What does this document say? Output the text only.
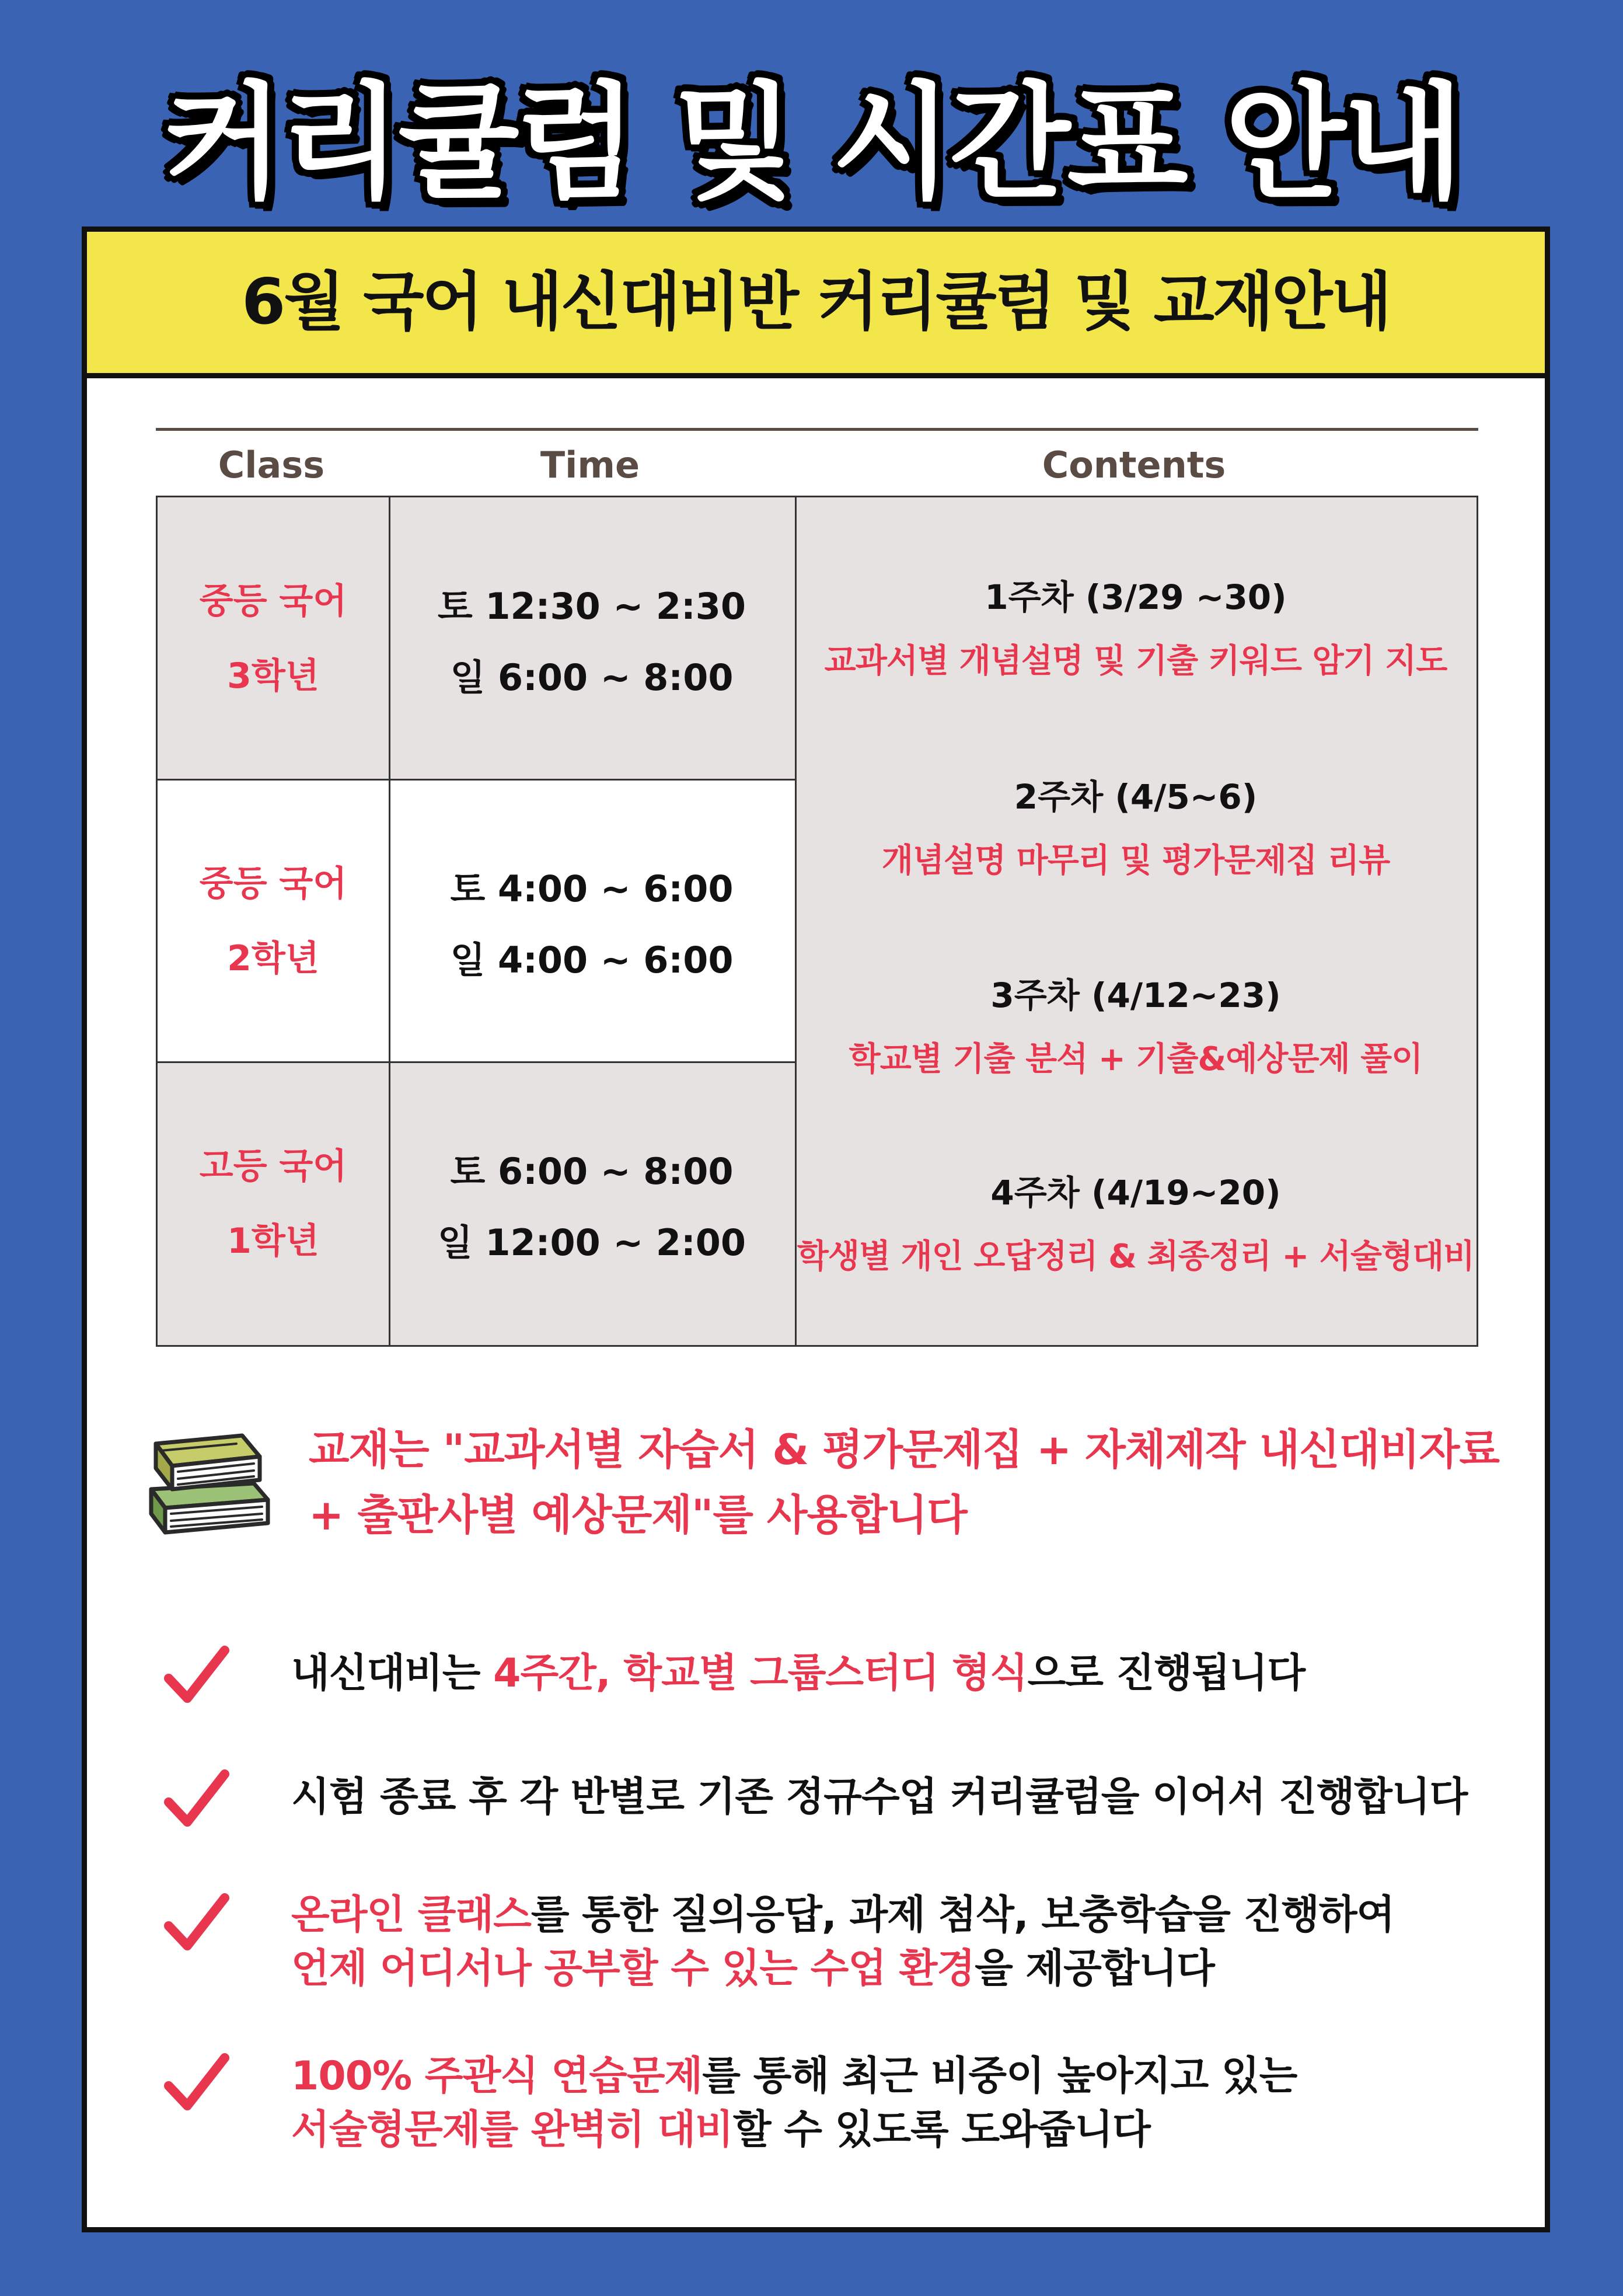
커리큘럼 및 시간표 안내
6월 국어 내신대비반 커리큘럼 및 교재안내
Class	Time	Contents
중등 국어
3학년
토 12:30 ~ 2:30
일 6:00 ~ 8:00
중등 국어
2학년
토 4:00 ~ 6:00
일 4:00 ~ 6:00
고등 국어
1학년
토 6:00 ~ 8:00
일 12:00 ~ 2:00
1주차 (3/29 ~30)
교과서별 개념설명 및 기출 키워드 암기 지도
2주차 (4/5~6)
개념설명 마무리 및 평가문제집 리뷰
3주차 (4/12~23)
학교별 기출 분석 + 기출&예상문제 풀이
4주차 (4/19~20)
학생별 개인 오답정리 & 최종정리 + 서술형대비
교재는 "교과서별 자습서 & 평가문제집 + 자체제작 내신대비자료
+ 출판사별 예상문제"를 사용합니다
내신대비는 4주간, 학교별 그룹스터디 형식으로 진행됩니다
시험 종료 후 각 반별로 기존 정규수업 커리큘럼을 이어서 진행합니다
온라인 클래스를 통한 질의응답, 과제 첨삭, 보충학습을 진행하여
언제 어디서나 공부할 수 있는 수업 환경을 제공합니다
100% 주관식 연습문제를 통해 최근 비중이 높아지고 있는
서술형문제를 완벽히 대비할 수 있도록 도와줍니다
